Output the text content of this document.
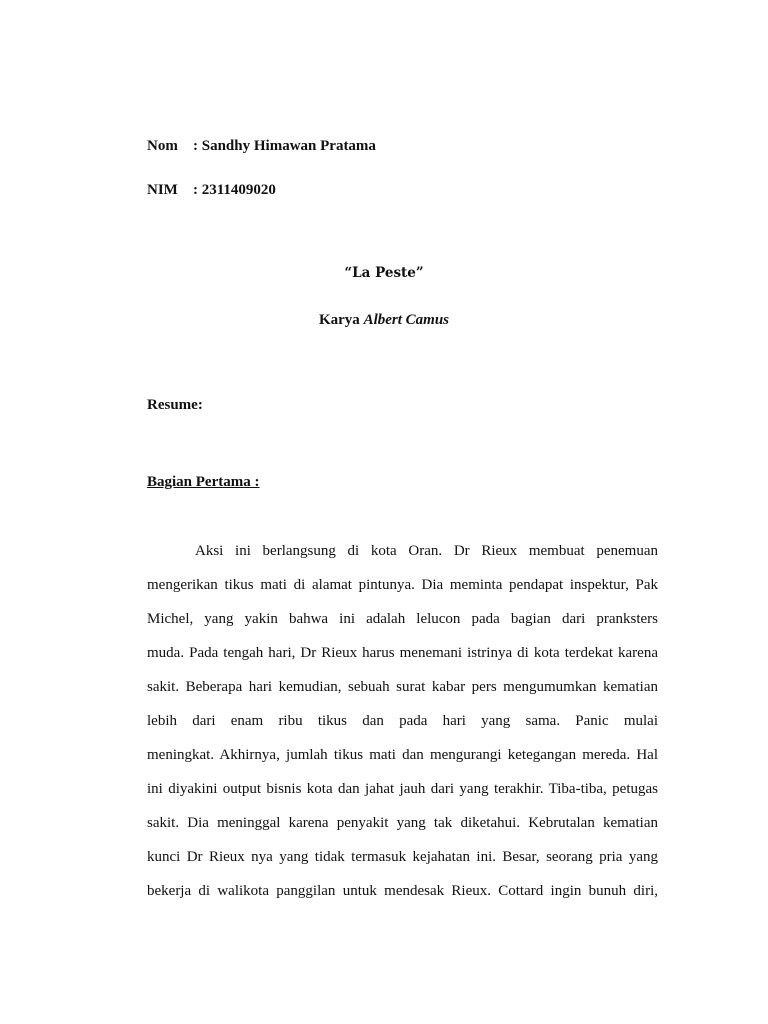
Nom : Sandhy Himawan Pratama
NIM : 2311409020
“La Peste”
Karya Albert Camus
Resume:
Bagian Pertama :
Aksi ini berlangsung di kota Oran. Dr Rieux membuat penemuan
mengerikan tikus mati di alamat pintunya. Dia meminta pendapat inspektur, Pak
Michel, yang yakin bahwa ini adalah lelucon pada bagian dari pranksters
muda. Pada tengah hari, Dr Rieux harus menemani istrinya di kota terdekat karena
sakit. Beberapa hari kemudian, sebuah surat kabar pers mengumumkan kematian
lebih dari enam ribu tikus dan pada hari yang sama. Panic mulai
meningkat. Akhirnya, jumlah tikus mati dan mengurangi ketegangan mereda. Hal
ini diyakini output bisnis kota dan jahat jauh dari yang terakhir. Tiba-tiba, petugas
sakit. Dia meninggal karena penyakit yang tak diketahui. Kebrutalan kematian
kunci Dr Rieux nya yang tidak termasuk kejahatan ini. Besar, seorang pria yang
bekerja di walikota panggilan untuk mendesak Rieux. Cottard ingin bunuh diri,
